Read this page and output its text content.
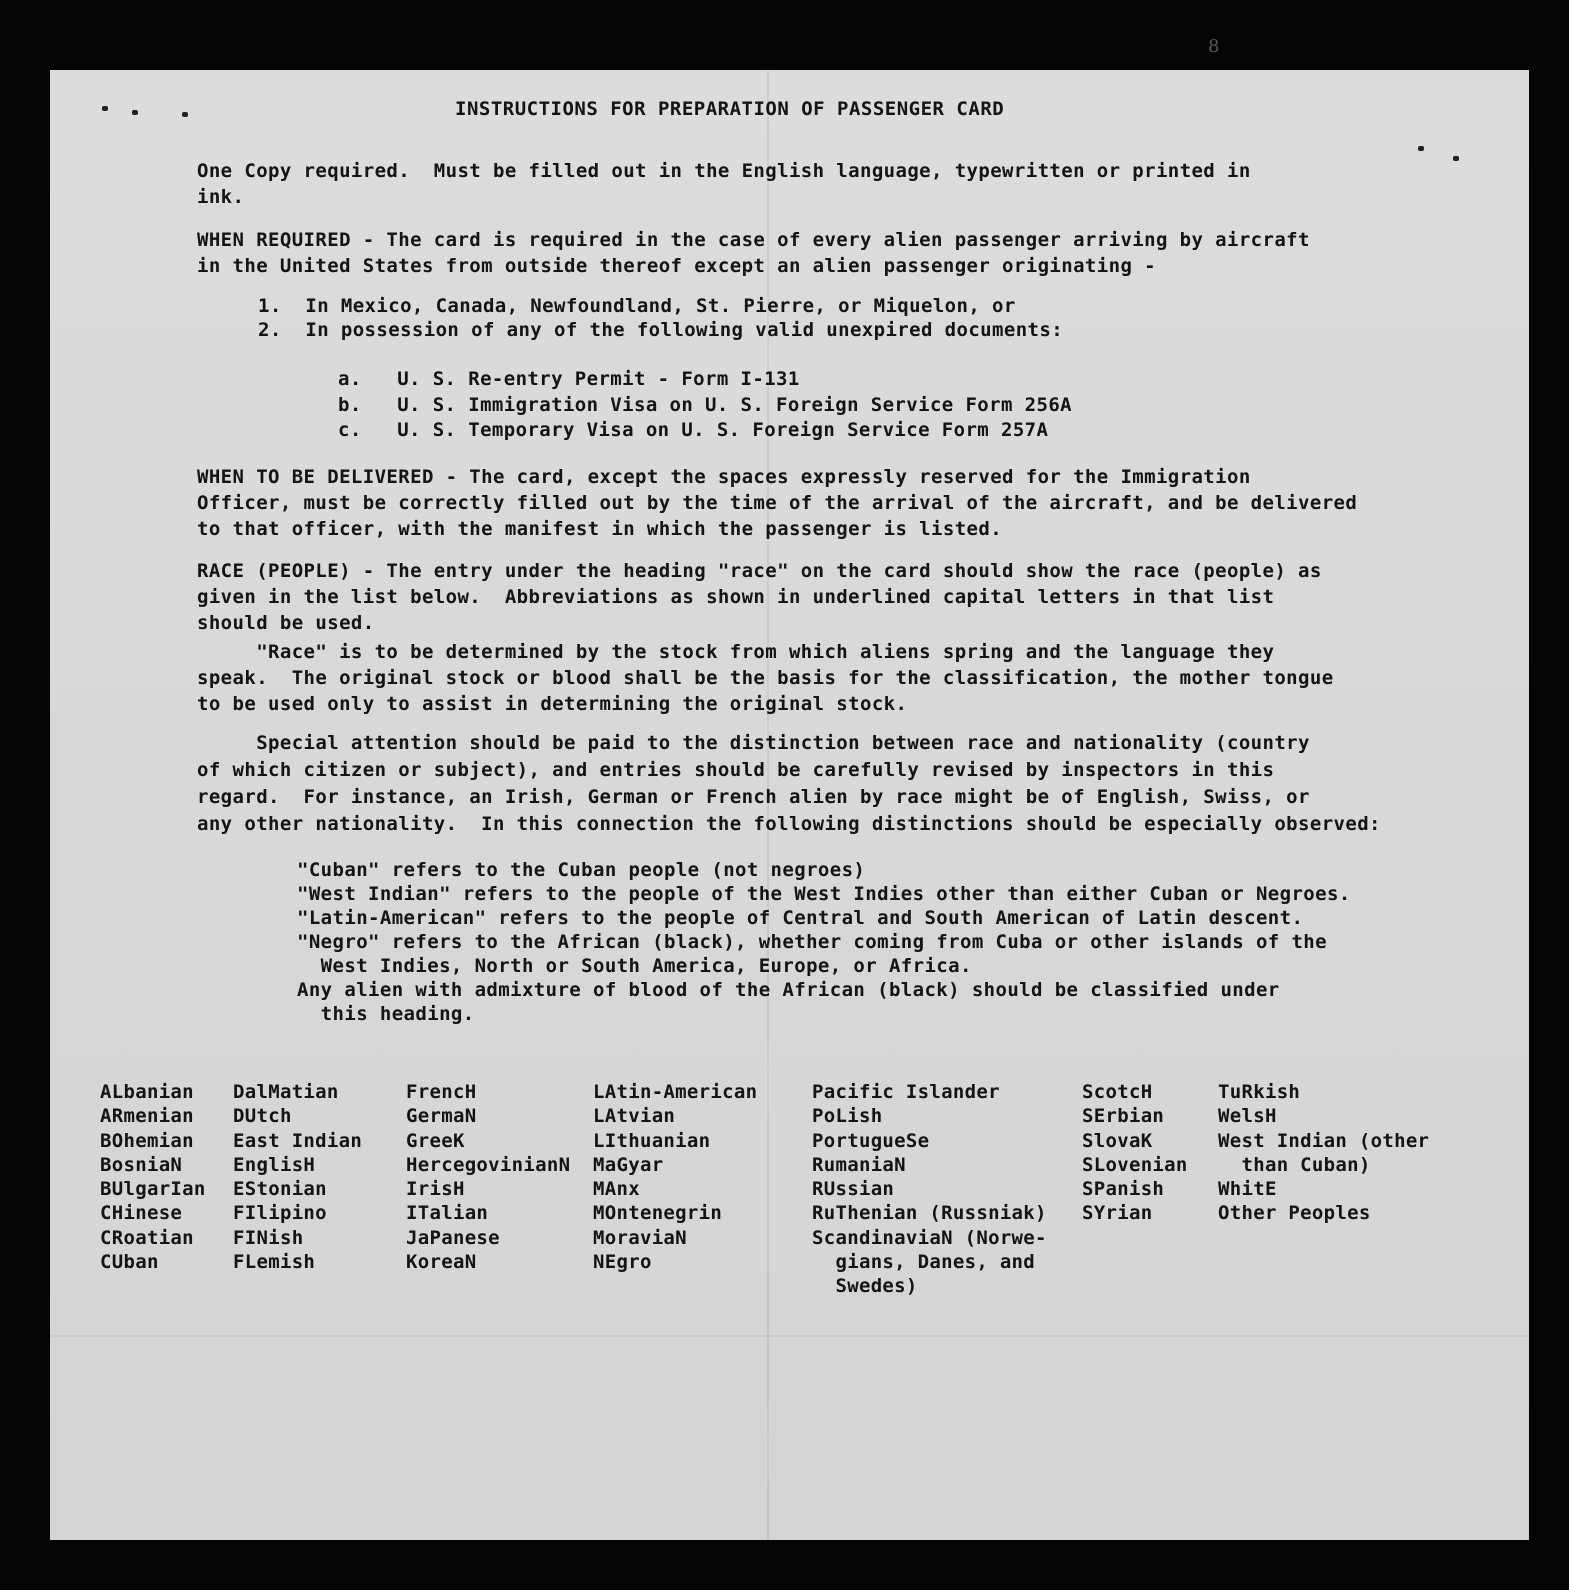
8
INSTRUCTIONS FOR PREPARATION OF PASSENGER CARD

One Copy required.  Must be filled out in the English language, typewritten or printed in
ink.

WHEN REQUIRED - The card is required in the case of every alien passenger arriving by aircraft
in the United States from outside thereof except an alien passenger originating -

1.  In Mexico, Canada, Newfoundland, St. Pierre, or Miquelon, or

2.  In possession of any of the following valid unexpired documents:

a.   U. S. Re-entry Permit - Form I-131

b.   U. S. Immigration Visa on U. S. Foreign Service Form 256A

c.   U. S. Temporary Visa on U. S. Foreign Service Form 257A

WHEN TO BE DELIVERED - The card, except the spaces expressly reserved for the Immigration
Officer, must be correctly filled out by the time of the arrival of the aircraft, and be delivered
to that officer, with the manifest in which the passenger is listed.

RACE (PEOPLE) - The entry under the heading "race" on the card should show the race (people) as
given in the list below.  Abbreviations as shown in underlined capital letters in that list
should be used.

"Race" is to be determined by the stock from which aliens spring and the language they
speak.  The original stock or blood shall be the basis for the classification, the mother tongue
to be used only to assist in determining the original stock.

Special attention should be paid to the distinction between race and nationality (country
of which citizen or subject), and entries should be carefully revised by inspectors in this
regard.  For instance, an Irish, German or French alien by race might be of English, Swiss, or
any other nationality.  In this connection the following distinctions should be especially observed:

"Cuban" refers to the Cuban people (not negroes)
"West Indian" refers to the people of the West Indies other than either Cuban or Negroes.
"Latin-American" refers to the people of Central and South American of Latin descent.
"Negro" refers to the African (black), whether coming from Cuba or other islands of the
West Indies, North or South America, Europe, or Africa.
Any alien with admixture of blood of the African (black) should be classified under
this heading.

ALbanian
ARmenian
BOhemian
BosniaN
BUlgarIan
CHinese
CRoatian
CUban
DalMatian
DUtch
East Indian
EnglisH
EStonian
FIlipino
FINish
FLemish
FrencH
GermaN
GreeK
HercegovinianN
IrisH
ITalian
JaPanese
KoreaN
LAtin-American
LAtvian
LIthuanian
MaGyar
MAnx
MOntenegrin
MoraviaN
NEgro
Pacific Islander
PoLish
PortugueSe
RumaniaN
RUssian
RuThenian (Russniak)
ScandinaviaN (Norwe-
gians, Danes, and
Swedes)
ScotcH
SErbian
SlovaK
SLovenian
SPanish
SYrian
TuRkish
WelsH
West Indian (other
than Cuban)
WhitE
Other Peoples
